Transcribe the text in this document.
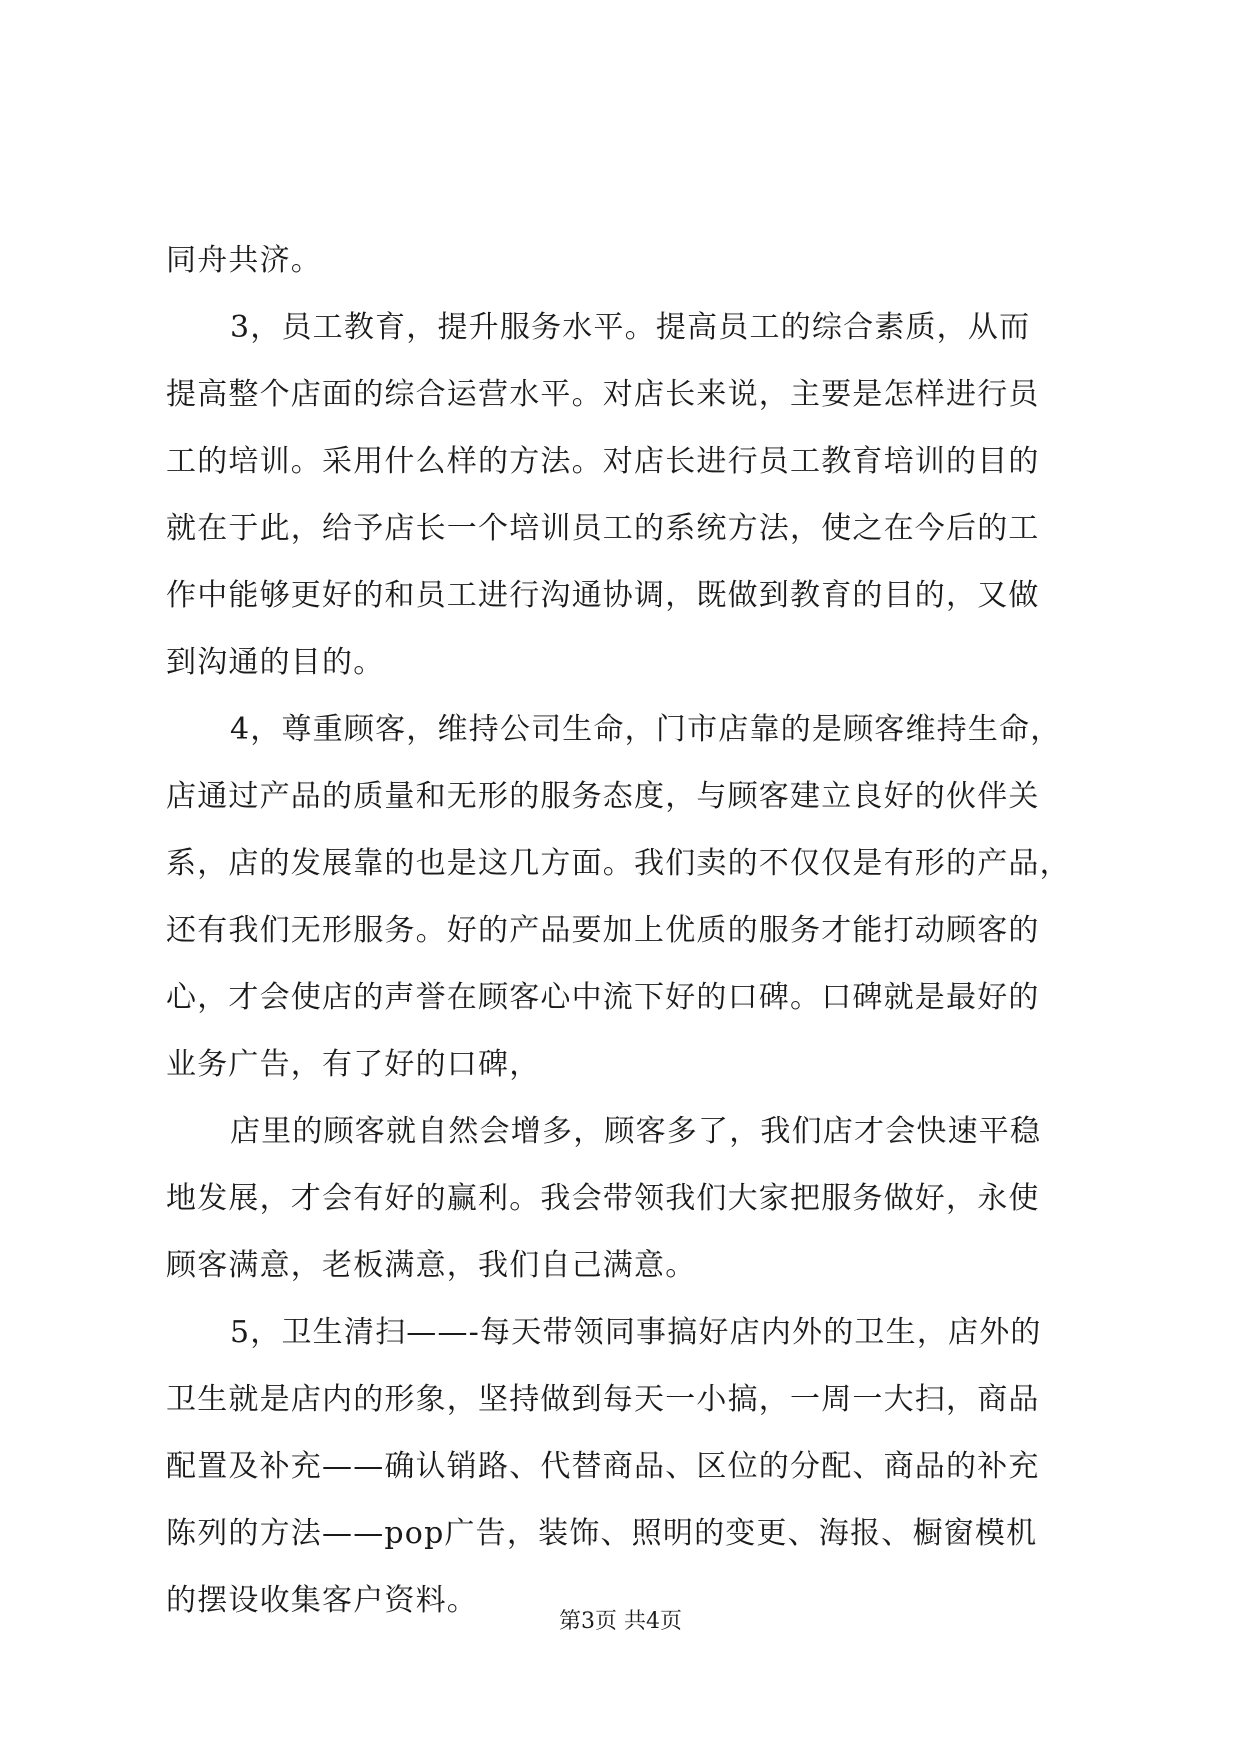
同舟共济。
3，员工教育，提升服务水平。提高员工的综合素质，从而
提高整个店面的综合运营水平。对店长来说，主要是怎样进行员
工的培训。采用什么样的方法。对店长进行员工教育培训的目的
就在于此，给予店长一个培训员工的系统方法，使之在今后的工
作中能够更好的和员工进行沟通协调，既做到教育的目的，又做
到沟通的目的。
4，尊重顾客，维持公司生命，门市店靠的是顾客维持生命，
店通过产品的质量和无形的服务态度，与顾客建立良好的伙伴关
系，店的发展靠的也是这几方面。我们卖的不仅仅是有形的产品，
还有我们无形服务。好的产品要加上优质的服务才能打动顾客的
心，才会使店的声誉在顾客心中流下好的口碑。口碑就是最好的
业务广告，有了好的口碑，
店里的顾客就自然会增多，顾客多了，我们店才会快速平稳
地发展，才会有好的赢利。我会带领我们大家把服务做好，永使
顾客满意，老板满意，我们自己满意。
5，卫生清扫——-每天带领同事搞好店内外的卫生，店外的
卫生就是店内的形象，坚持做到每天一小搞，一周一大扫，商品
配置及补充——确认销路、代替商品、区位的分配、商品的补充
陈列的方法——pop广告，装饰、照明的变更、海报、橱窗模机
的摆设收集客户资料。
第3页 共4页
